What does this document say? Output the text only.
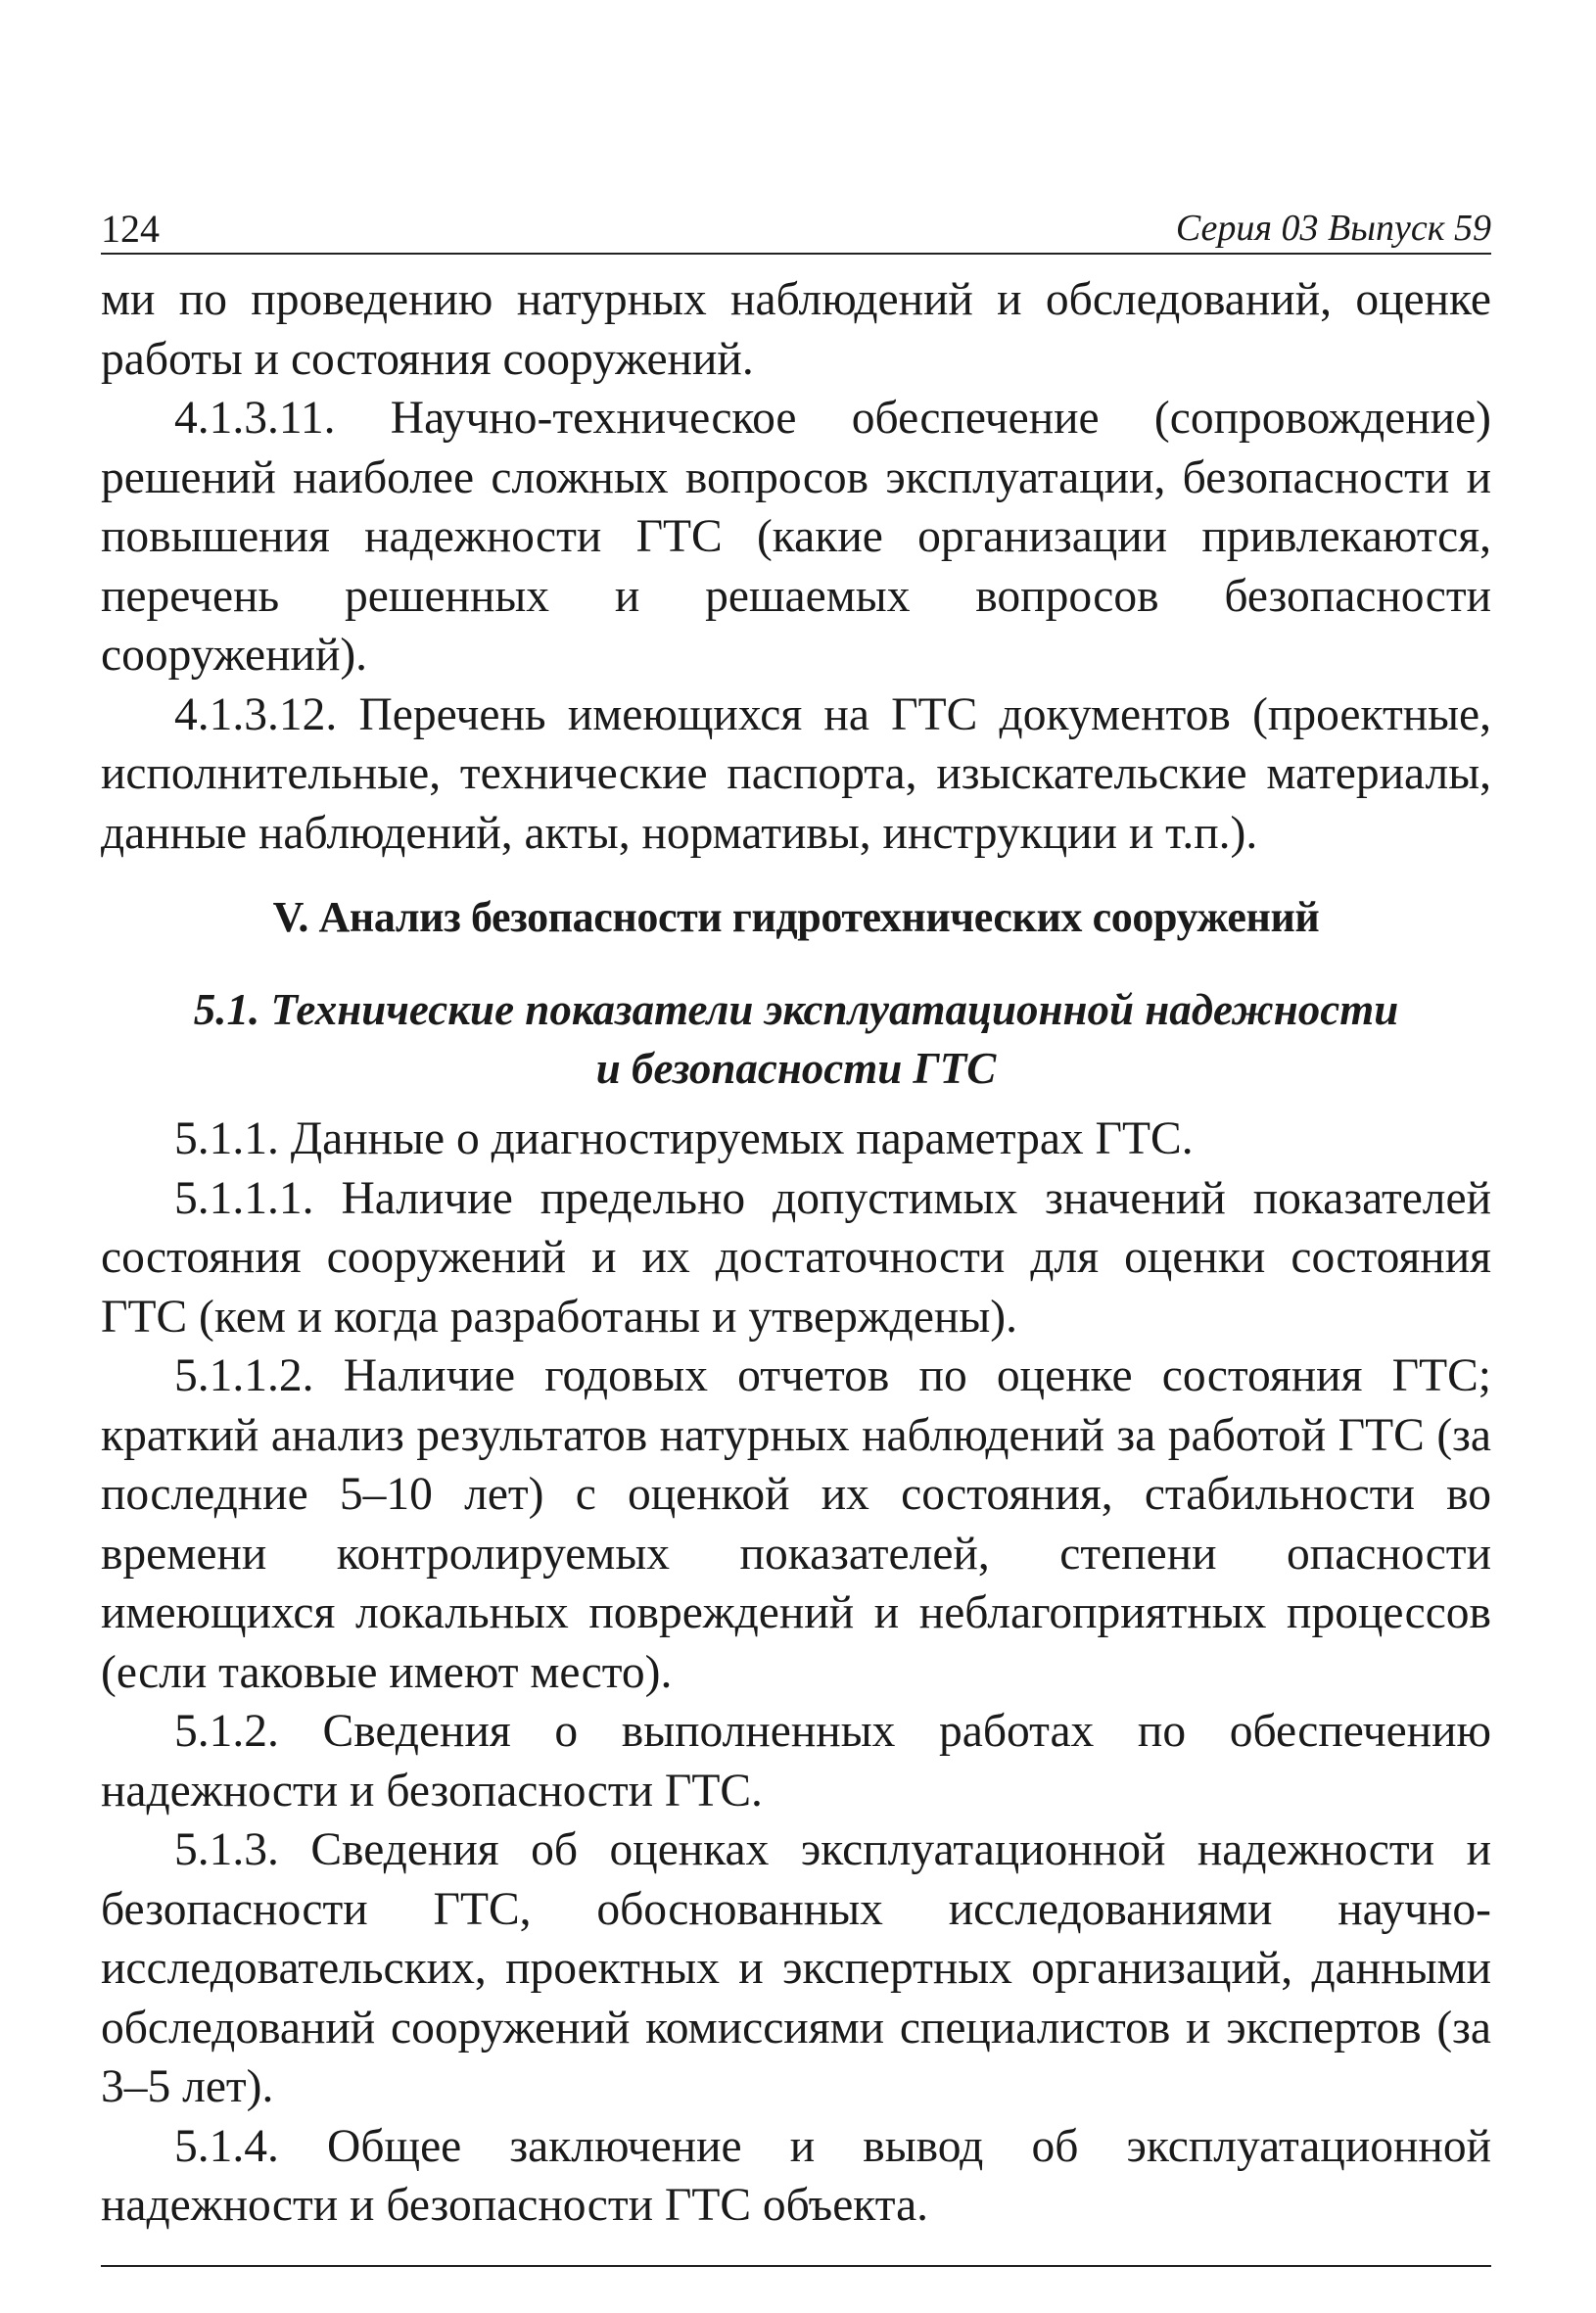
124	Серия 03 Выпуск 59

ми по проведению натурных наблюдений и обследований, оценке работы и состояния сооружений.

4.1.3.11. Научно-техническое обеспечение (сопровождение) решений наиболее сложных вопросов эксплуатации, безопасности и повышения надежности ГТС (какие организации привлекаются, перечень решенных и решаемых вопросов безопасности сооружений).

4.1.3.12. Перечень имеющихся на ГТС документов (проектные, исполнительные, технические паспорта, изыскательские материалы, данные наблюдений, акты, нормативы, инструкции и т.п.).

V. Анализ безопасности гидротехнических сооружений
5.1. Технические показатели эксплуатационной надежности
и безопасности ГТС

5.1.1. Данные о диагностируемых параметрах ГТС.

5.1.1.1. Наличие предельно допустимых значений показателей состояния сооружений и их достаточности для оценки состояния ГТС (кем и когда разработаны и утверждены).

5.1.1.2. Наличие годовых отчетов по оценке состояния ГТС; краткий анализ результатов натурных наблюдений за работой ГТС (за последние 5–10 лет) с оценкой их состояния, стабильности во времени контролируемых показателей, степени опасности имеющихся локальных повреждений и неблагоприятных процессов (если таковые имеют место).

5.1.2. Сведения о выполненных работах по обеспечению надежности и безопасности ГТС.

5.1.3. Сведения об оценках эксплуатационной надежности и безопасности ГТС, обоснованных исследованиями научно-исследовательских, проектных и экспертных организаций, данными обследований сооружений комиссиями специалистов и экспертов (за 3–5 лет).

5.1.4. Общее заключение и вывод об эксплуатационной надежности и безопасности ГТС объекта.
